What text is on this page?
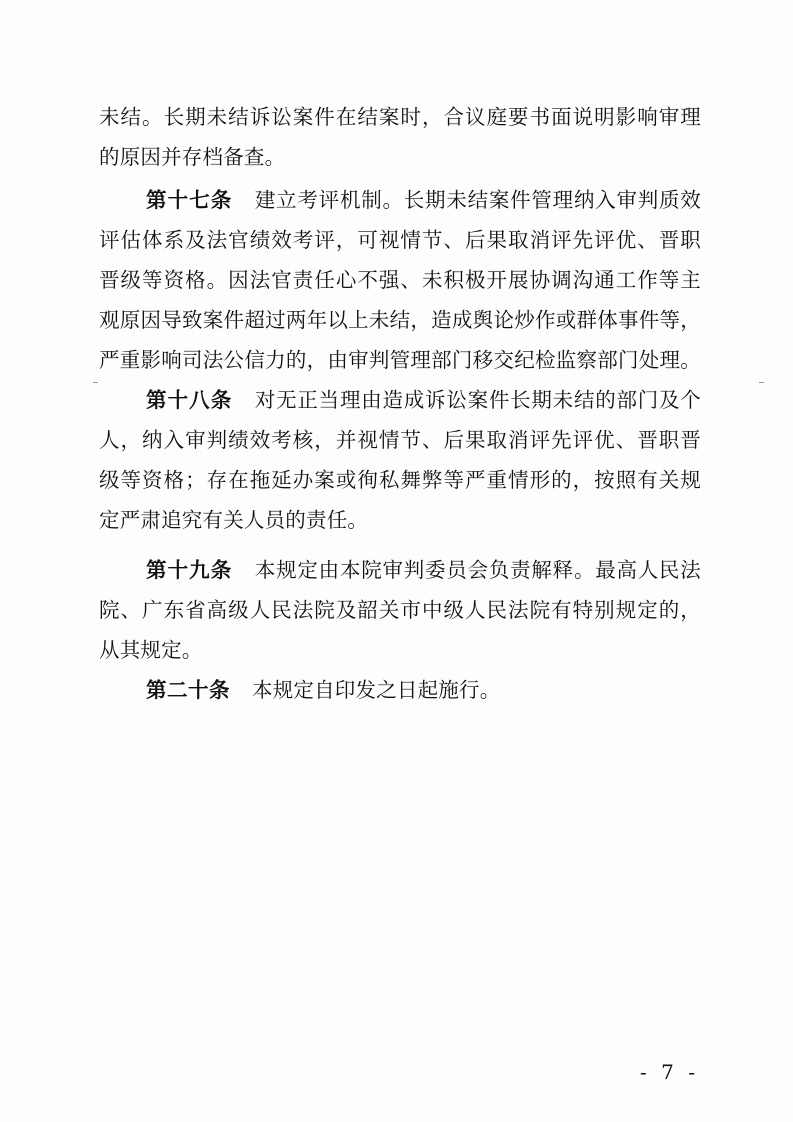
未结。长期未结诉讼案件在结案时，合议庭要书面说明影响审理
的原因并存档备查。
第十七条 建立考评机制。长期未结案件管理纳入审判质效
评估体系及法官绩效考评，可视情节、后果取消评先评优、晋职
晋级等资格。因法官责任心不强、未积极开展协调沟通工作等主
观原因导致案件超过两年以上未结，造成舆论炒作或群体事件等，
严重影响司法公信力的，由审判管理部门移交纪检监察部门处理。
第十八条 对无正当理由造成诉讼案件长期未结的部门及个
人，纳入审判绩效考核，并视情节、后果取消评先评优、晋职晋
级等资格；存在拖延办案或徇私舞弊等严重情形的，按照有关规
定严肃追究有关人员的责任。
第十九条 本规定由本院审判委员会负责解释。最高人民法
院、广东省高级人民法院及韶关市中级人民法院有特别规定的，
从其规定。
第二十条 本规定自印发之日起施行。
- 7 -
